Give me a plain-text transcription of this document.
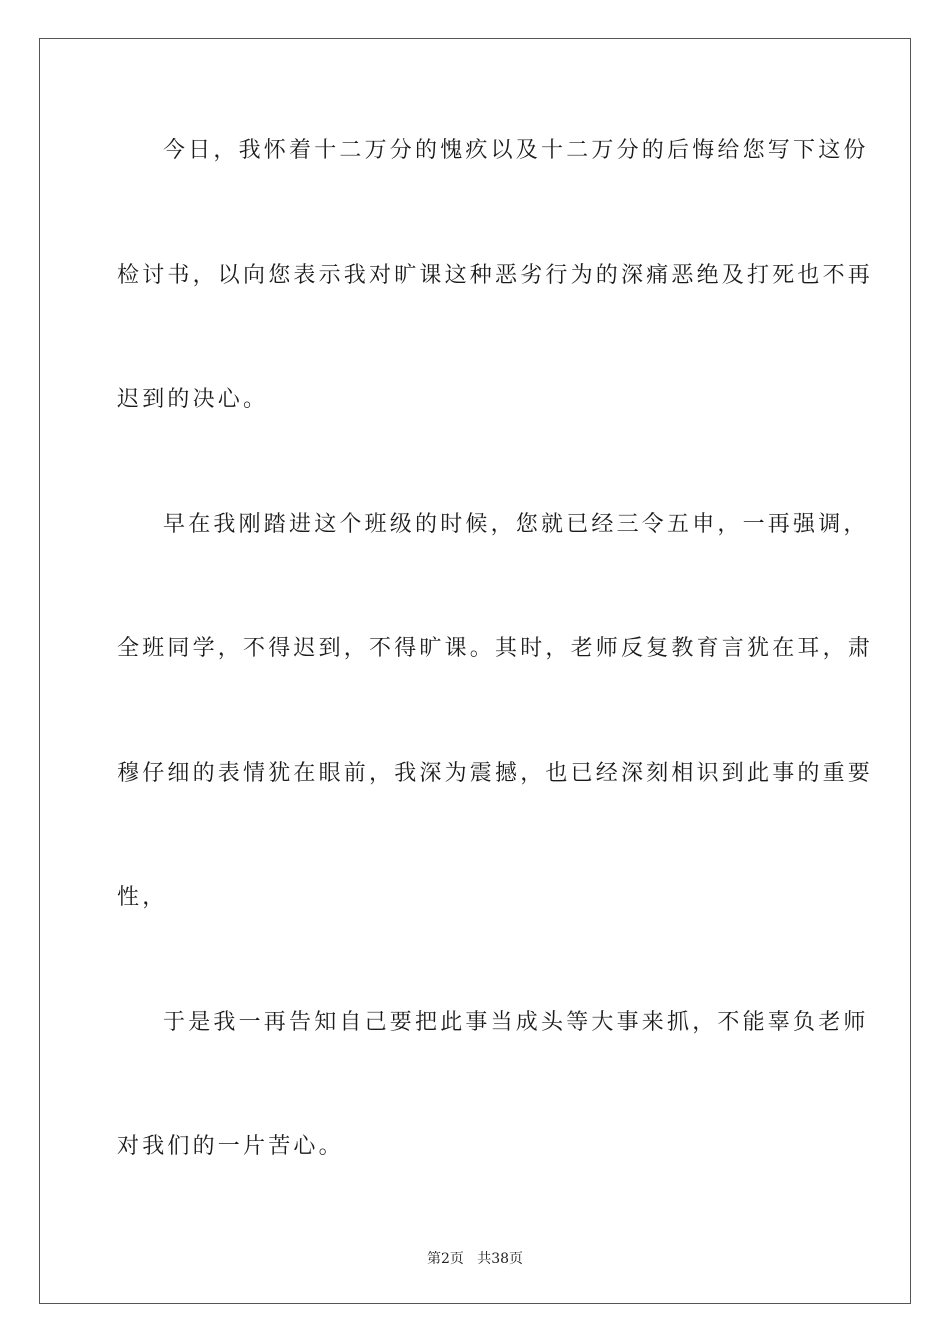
今日，我怀着十二万分的愧疚以及十二万分的后悔给您写下这份
检讨书，以向您表示我对旷课这种恶劣行为的深痛恶绝及打死也不再
迟到的决心。
早在我刚踏进这个班级的时候，您就已经三令五申，一再强调，
全班同学，不得迟到，不得旷课。其时，老师反复教育言犹在耳，肃
穆仔细的表情犹在眼前，我深为震撼，也已经深刻相识到此事的重要
性，
于是我一再告知自己要把此事当成头等大事来抓，不能辜负老师
对我们的一片苦心。
第2页   共38页
